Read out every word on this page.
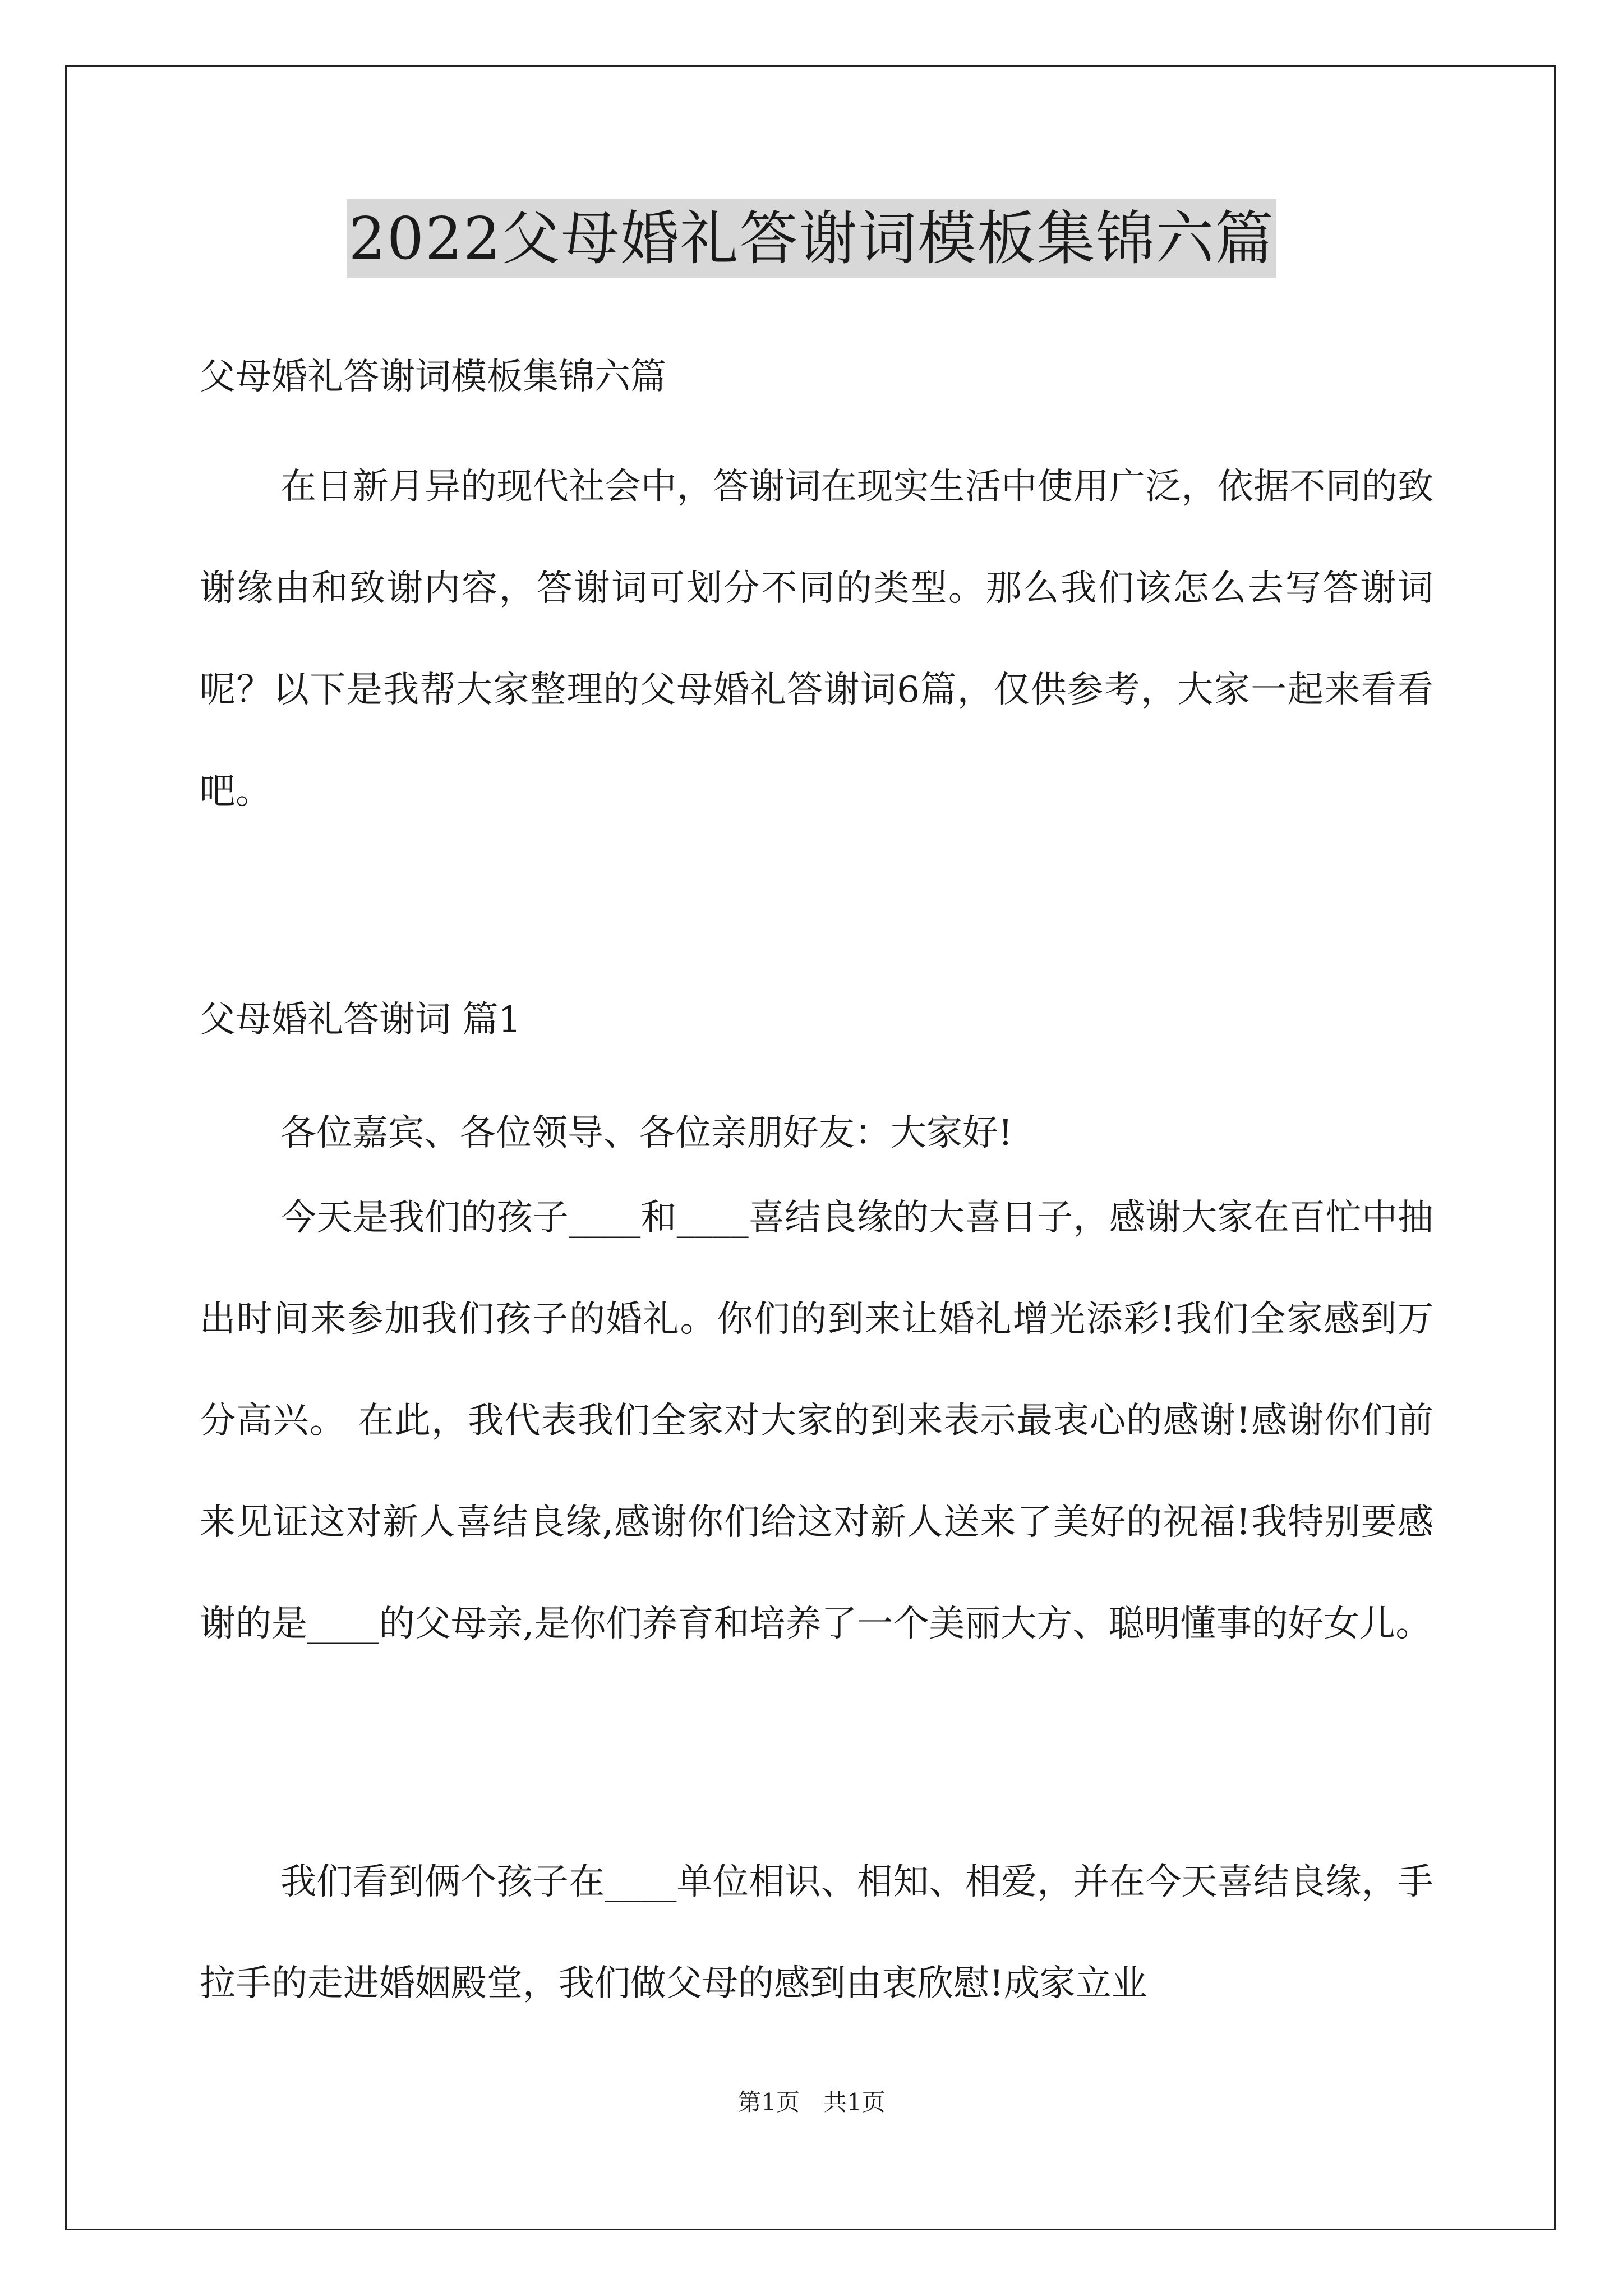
2022父母婚礼答谢词模板集锦六篇

父母婚礼答谢词模板集锦六篇

在日新月异的现代社会中，答谢词在现实生活中使用广泛，依据不同的致谢缘由和致谢内容，答谢词可划分不同的类型。那么我们该怎么去写答谢词呢？以下是我帮大家整理的父母婚礼答谢词6篇，仅供参考，大家一起来看看吧。

父母婚礼答谢词 篇1

各位嘉宾、各位领导、各位亲朋好友：大家好!

今天是我们的孩子____和____喜结良缘的大喜日子，感谢大家在百忙中抽出时间来参加我们孩子的婚礼。你们的到来让婚礼增光添彩!我们全家感到万分高兴。 在此，我代表我们全家对大家的到来表示最衷心的感谢!感谢你们前来见证这对新人喜结良缘,感谢你们给这对新人送来了美好的祝福!我特别要感谢的是____的父母亲,是你们养育和培养了一个美丽大方、聪明懂事的好女儿。

我们看到俩个孩子在____单位相识、相知、相爱，并在今天喜结良缘，手拉手的走进婚姻殿堂，我们做父母的感到由衷欣慰!成家立业

第1页　共1页
